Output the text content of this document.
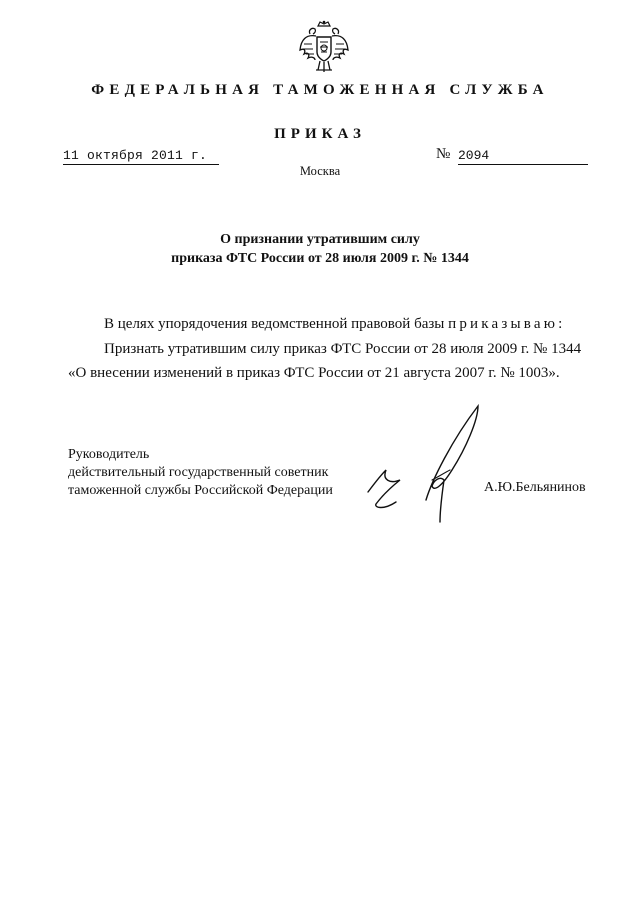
ФЕДЕРАЛЬНАЯ ТАМОЖЕННАЯ СЛУЖБА
ПРИКАЗ
11 октября 2011 г.	№ 2094
Москва
О признании утратившим силу
приказа ФТС России от 28 июля 2009 г. № 1344
В целях упорядочения ведомственной правовой базы приказываю:
Признать утратившим силу приказ ФТС России от 28 июля 2009 г. № 1344
«О внесении изменений в приказ ФТС России от 21 августа 2007 г. № 1003».
Руководитель
действительный государственный советник
таможенной службы Российской Федерации	А.Ю.Бельянинов
